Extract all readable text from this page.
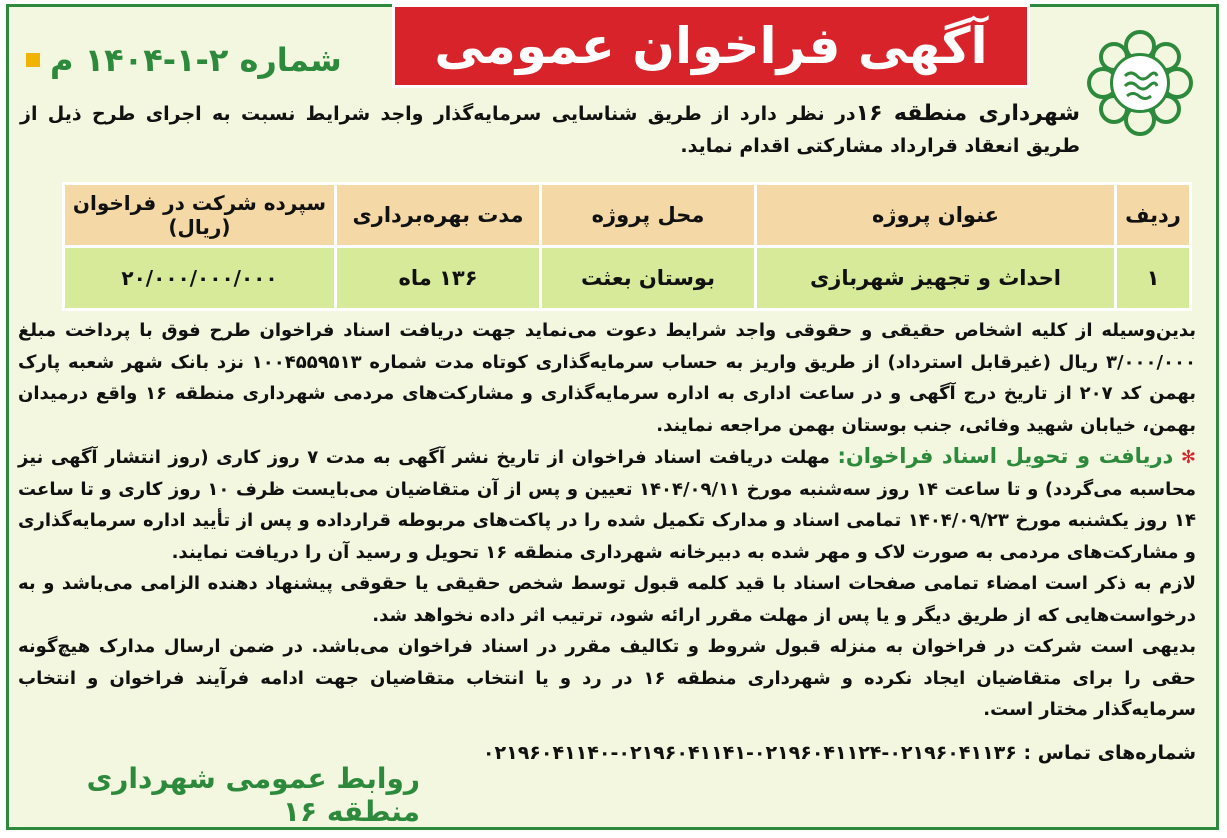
آگهی فراخوان عمومی
شماره ۲-۱-۱۴۰۴ م
شهرداری منطقه ۱۶در نظر دارد از طریق شناسایی سرمایه‌گذار واجد شرایط نسبت به اجرای طرح ذیل از طریق انعقاد قرارداد مشارکتی اقدام نماید.
ردیف	عنوان پروژه	محل پروژه	مدت بهره‌برداری	سپرده شرکت در فراخوان (ریال)
۱	احداث و تجهیز شهربازی	بوستان بعثت	۱۳۶ ماه	۲۰/۰۰۰/۰۰۰/۰۰۰

بدین‌وسیله از کلیه اشخاص حقیقی و حقوقی واجد شرایط دعوت می‌نماید جهت دریافت اسناد فراخوان طرح فوق با پرداخت مبلغ ۳/۰۰۰/۰۰۰ ریال (غیرقابل استرداد) از طریق واریز به حساب سرمایه‌گذاری کوتاه مدت شماره ۱۰۰۴۵۵۹۵۱۳ نزد بانک شهر شعبه پارک بهمن کد ۲۰۷ از تاریخ درج آگهی و در ساعت اداری به اداره سرمایه‌گذاری و مشارکت‌های مردمی شهرداری منطقه ۱۶ واقع درمیدان بهمن، خیابان شهید وفائی، جنب بوستان بهمن مراجعه نمایند.

✻ دریافت و تحویل اسناد فراخوان: مهلت دریافت اسناد فراخوان از تاریخ نشر آگهی به مدت ۷ روز کاری (روز انتشار آگهی نیز محاسبه می‌گردد) و تا ساعت ۱۴ روز سه‌شنبه مورخ ۱۴۰۴/۰۹/۱۱ تعیین و پس از آن متقاضیان می‌بایست ظرف ۱۰ روز کاری و تا ساعت ۱۴ روز یکشنبه مورخ ۱۴۰۴/۰۹/۲۳ تمامی اسناد و مدارک تکمیل شده را در پاکت‌های مربوطه قرارداده و پس از تأیید اداره سرمایه‌گذاری و مشارکت‌های مردمی به صورت لاک و مهر شده به دبیرخانه شهرداری منطقه ۱۶ تحویل و رسید آن را دریافت نمایند.

لازم به ذکر است امضاء تمامی صفحات اسناد با قید کلمه قبول توسط شخص حقیقی یا حقوقی پیشنهاد دهنده الزامی می‌باشد و به درخواست‌هایی که از طریق دیگر و یا پس از مهلت مقرر ارائه شود، ترتیب اثر داده نخواهد شد.

بدیهی است شرکت در فراخوان به منزله قبول شروط و تکالیف مقرر در اسناد فراخوان می‌باشد. در ضمن ارسال مدارک هیچ‌گونه حقی را برای متقاضیان ایجاد نکرده و شهرداری منطقه ۱۶ در رد و یا انتخاب متقاضیان جهت ادامه فرآیند فراخوان و انتخاب سرمایه‌گذار مختار است.

شماره‌های تماس : ۰۲۱۹۶۰۴۱۱۳۶-۰۲۱۹۶۰۴۱۱۲۴-۰۲۱۹۶۰۴۱۱۴۱-۰۲۱۹۶۰۴۱۱۴۰
روابط عمومی شهرداری منطقه ۱۶
